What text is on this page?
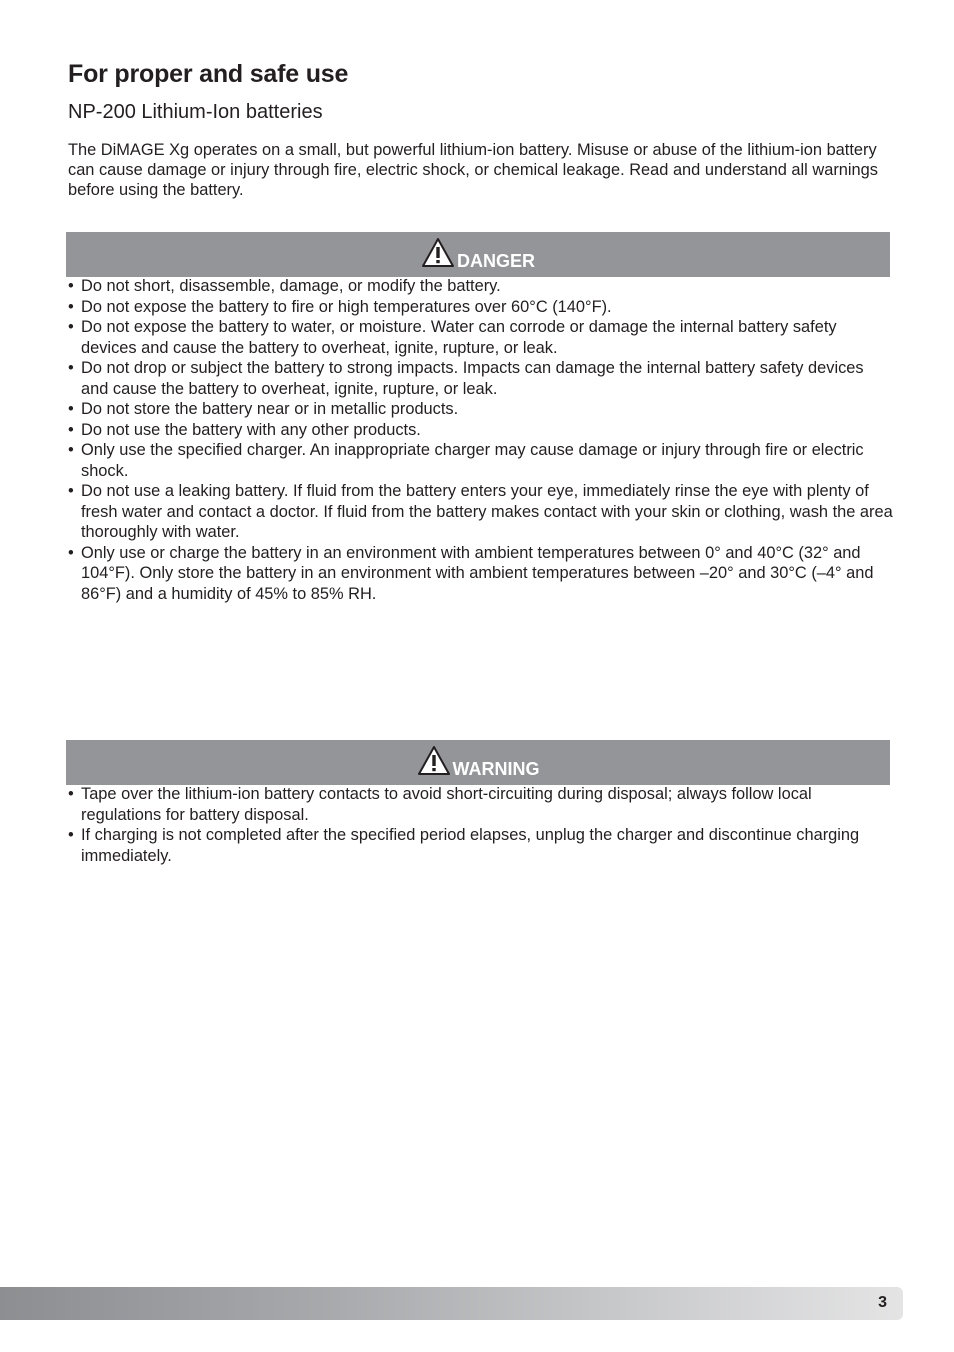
For proper and safe use
NP-200 Lithium-Ion batteries

The DiMAGE Xg operates on a small, but powerful lithium-ion battery. Misuse or abuse of the lithium-ion battery can cause damage or injury through fire, electric shock, or chemical leakage. Read and understand all warnings before using the battery.

DANGER
• Do not short, disassemble, damage, or modify the battery.
• Do not expose the battery to fire or high temperatures over 60°C (140°F).
• Do not expose the battery to water, or moisture. Water can corrode or damage the internal battery safety devices and cause the battery to overheat, ignite, rupture, or leak.
• Do not drop or subject the battery to strong impacts. Impacts can damage the internal battery safety devices and cause the battery to overheat, ignite, rupture, or leak.
• Do not store the battery near or in metallic products.
• Do not use the battery with any other products.
• Only use the specified charger. An inappropriate charger may cause damage or injury through fire or electric shock.
• Do not use a leaking battery. If fluid from the battery enters your eye, immediately rinse the eye with plenty of fresh water and contact a doctor. If fluid from the battery makes contact with your skin or clothing, wash the area thoroughly with water.
• Only use or charge the battery in an environment with ambient temperatures between 0° and 40°C (32° and 104°F). Only store the battery in an environment with ambient temperatures between –20° and 30°C (–4° and 86°F) and a humidity of 45% to 85% RH.
WARNING
• Tape over the lithium-ion battery contacts to avoid short-circuiting during disposal; always follow local regulations for battery disposal.
• If charging is not completed after the specified period elapses, unplug the charger and discontinue charging immediately.
3
